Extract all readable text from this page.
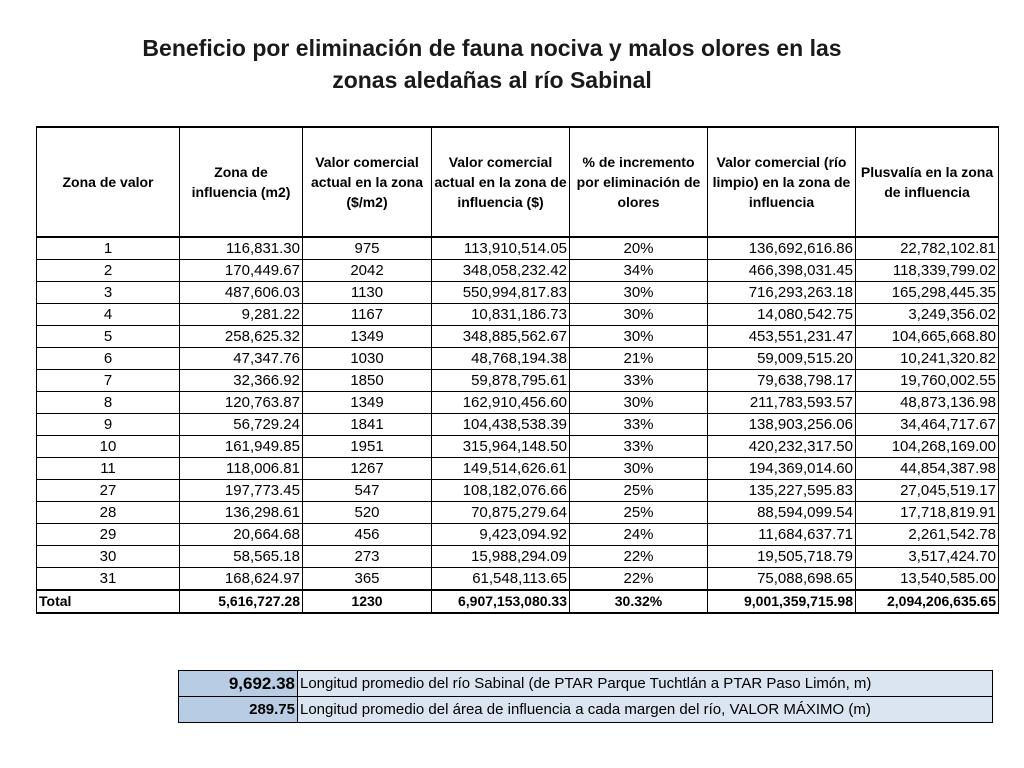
Beneficio por eliminación de fauna nociva y malos olores en las
zonas aledañas al río Sabinal
Zona de valor	Zona de influencia (m2)	Valor comercial actual en la zona ($/m2)	Valor comercial actual en la zona de influencia ($)	% de incremento por eliminación de olores	Valor comercial (río limpio) en la zona de influencia	Plusvalía en la zona de influencia
1	116,831.30	975	113,910,514.05	20%	136,692,616.86	22,782,102.81
2	170,449.67	2042	348,058,232.42	34%	466,398,031.45	118,339,799.02
3	487,606.03	1130	550,994,817.83	30%	716,293,263.18	165,298,445.35
4	9,281.22	1167	10,831,186.73	30%	14,080,542.75	3,249,356.02
5	258,625.32	1349	348,885,562.67	30%	453,551,231.47	104,665,668.80
6	47,347.76	1030	48,768,194.38	21%	59,009,515.20	10,241,320.82
7	32,366.92	1850	59,878,795.61	33%	79,638,798.17	19,760,002.55
8	120,763.87	1349	162,910,456.60	30%	211,783,593.57	48,873,136.98
9	56,729.24	1841	104,438,538.39	33%	138,903,256.06	34,464,717.67
10	161,949.85	1951	315,964,148.50	33%	420,232,317.50	104,268,169.00
11	118,006.81	1267	149,514,626.61	30%	194,369,014.60	44,854,387.98
27	197,773.45	547	108,182,076.66	25%	135,227,595.83	27,045,519.17
28	136,298.61	520	70,875,279.64	25%	88,594,099.54	17,718,819.91
29	20,664.68	456	9,423,094.92	24%	11,684,637.71	2,261,542.78
30	58,565.18	273	15,988,294.09	22%	19,505,718.79	3,517,424.70
31	168,624.97	365	61,548,113.65	22%	75,088,698.65	13,540,585.00
Total	5,616,727.28	1230	6,907,153,080.33	30.32%	9,001,359,715.98	2,094,206,635.65
9,692.38	Longitud promedio del río Sabinal (de PTAR Parque Tuchtlán a PTAR Paso Limón, m)
289.75	Longitud promedio del área de influencia a cada margen del río, VALOR MÁXIMO (m)
